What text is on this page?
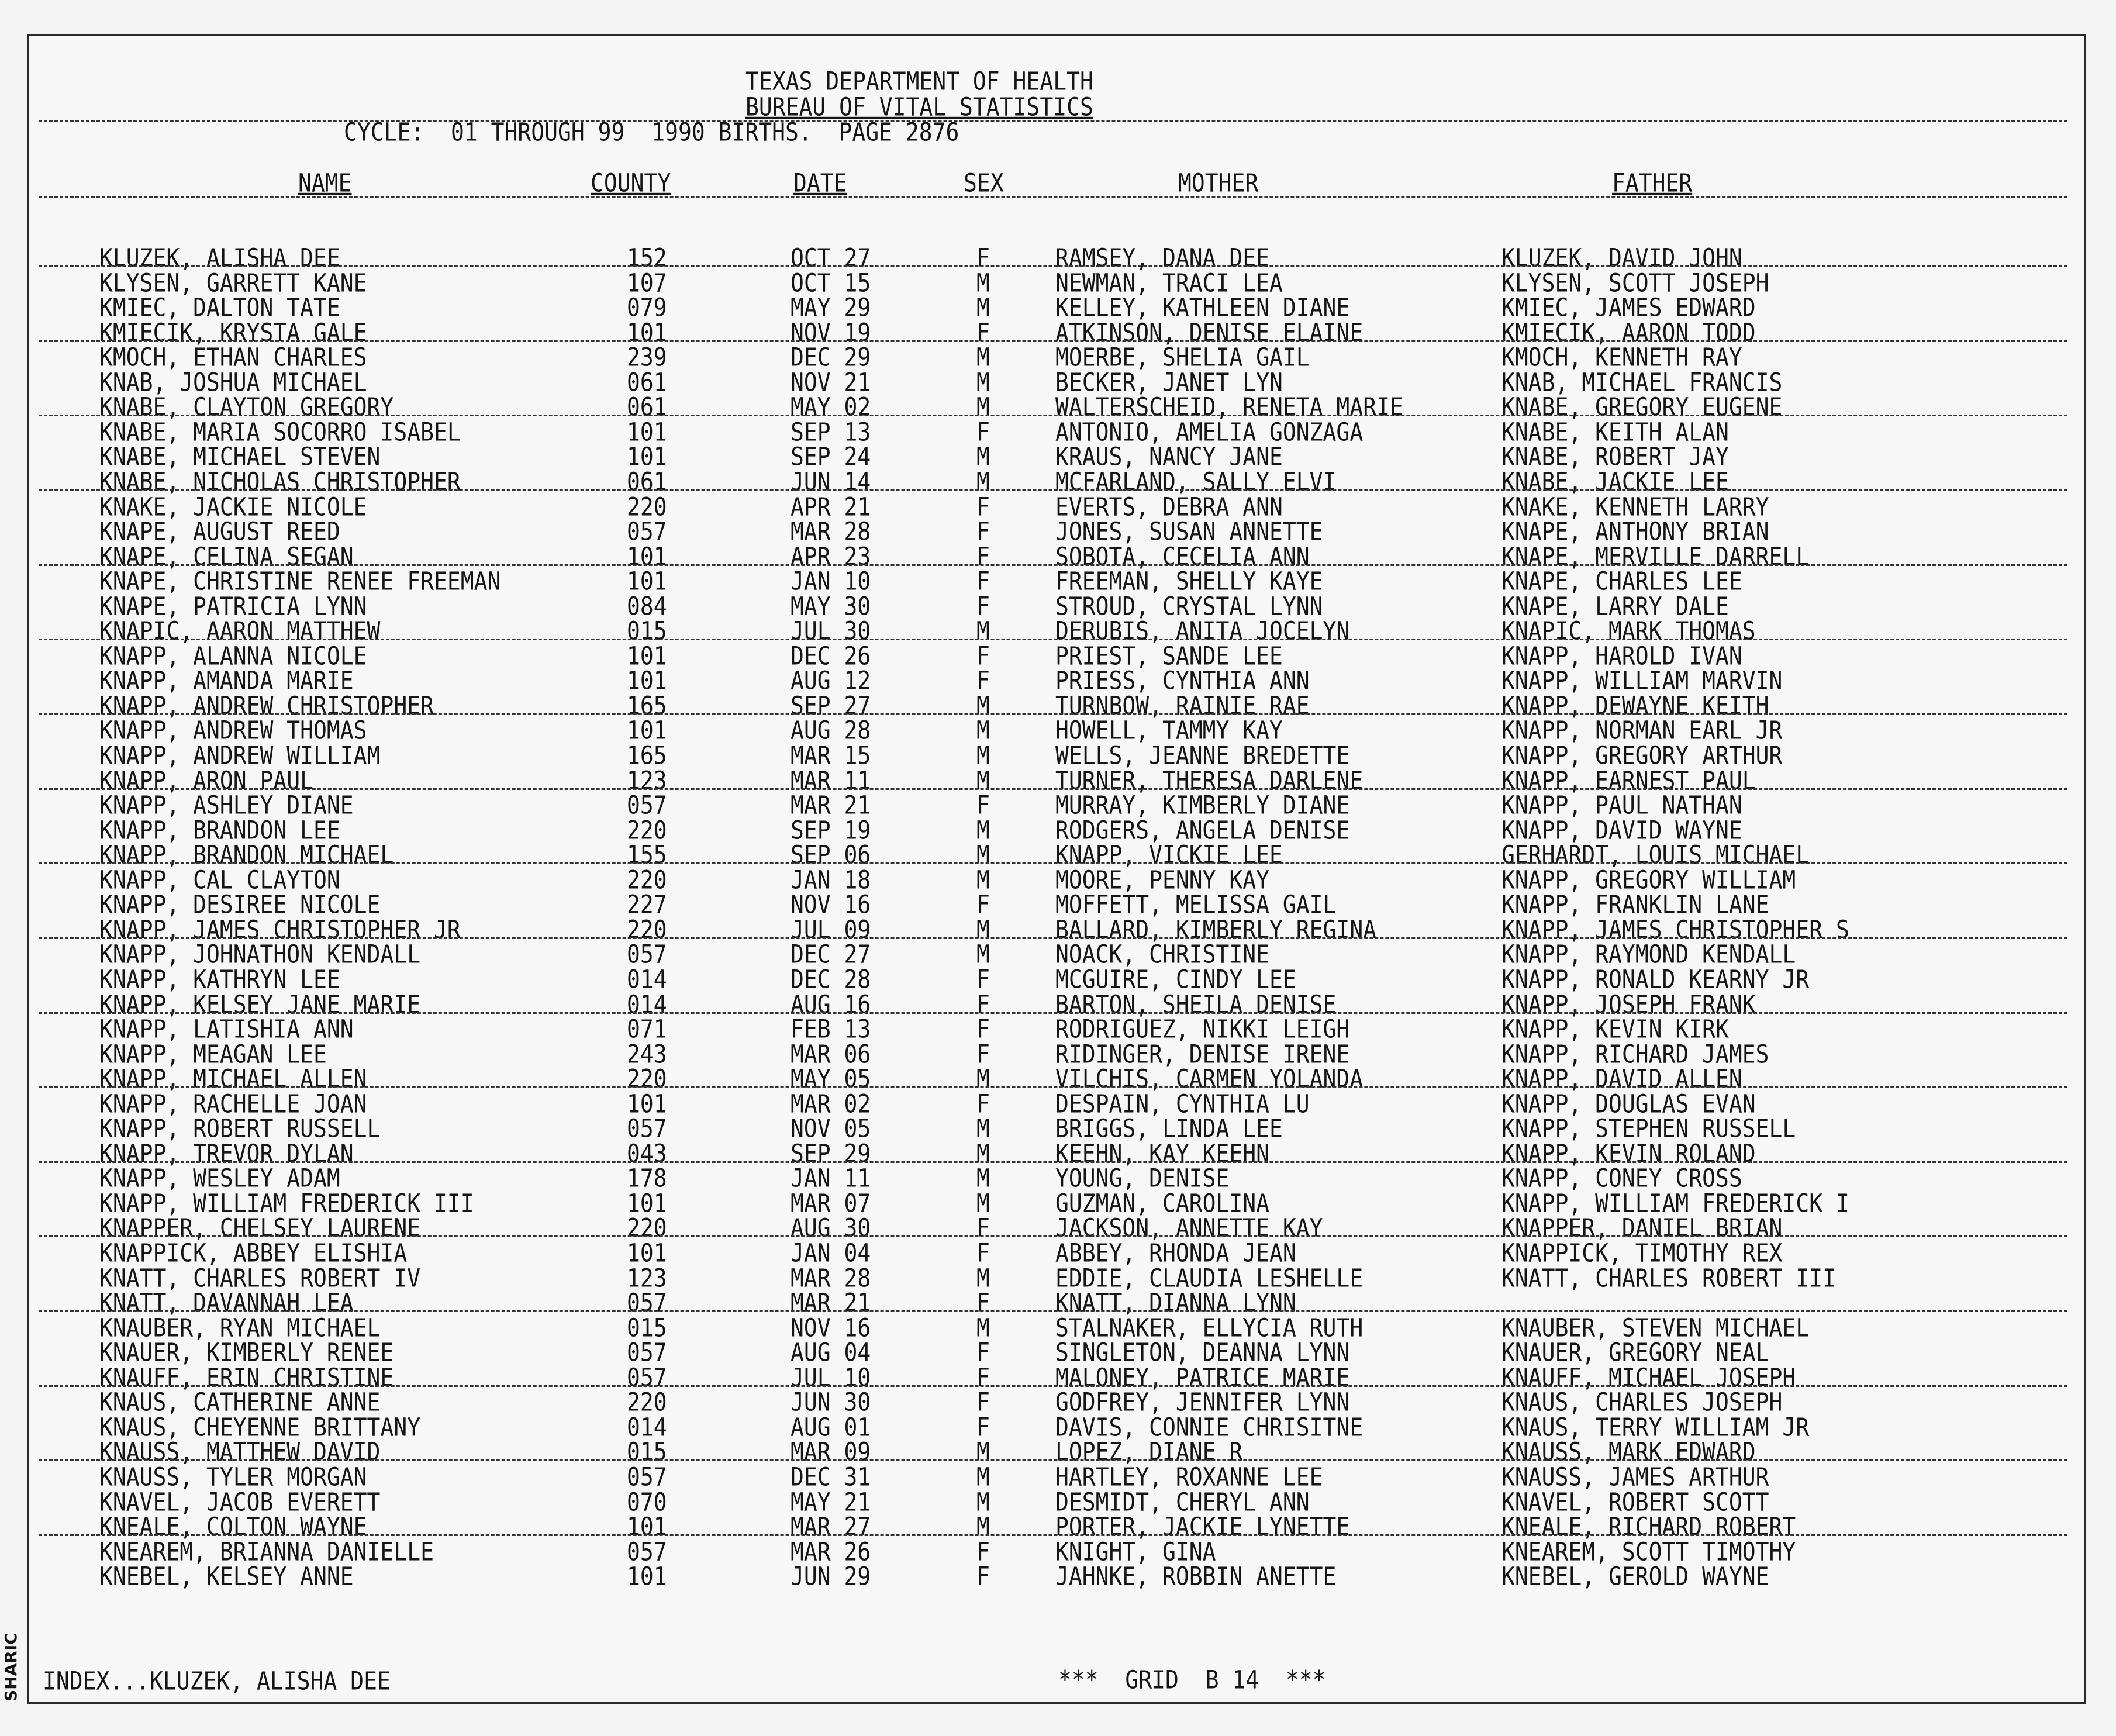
SHARIC
TEXAS DEPARTMENT OF HEALTH
BUREAU OF VITAL STATISTICS
CYCLE:  01 THROUGH 99  1990 BIRTHS.  PAGE 2876
NAME	COUNTY	DATE	SEX	MOTHER	FATHER
KLUZEK, ALISHA DEE	152	OCT 27	F	RAMSEY, DANA DEE	KLUZEK, DAVID JOHN
KLYSEN, GARRETT KANE	107	OCT 15	M	NEWMAN, TRACI LEA	KLYSEN, SCOTT JOSEPH
KMIEC, DALTON TATE	079	MAY 29	M	KELLEY, KATHLEEN DIANE	KMIEC, JAMES EDWARD
KMIECIK, KRYSTA GALE	101	NOV 19	F	ATKINSON, DENISE ELAINE	KMIECIK, AARON TODD
KMOCH, ETHAN CHARLES	239	DEC 29	M	MOERBE, SHELIA GAIL	KMOCH, KENNETH RAY
KNAB, JOSHUA MICHAEL	061	NOV 21	M	BECKER, JANET LYN	KNAB, MICHAEL FRANCIS
KNABE, CLAYTON GREGORY	061	MAY 02	M	WALTERSCHEID, RENETA MARIE	KNABE, GREGORY EUGENE
KNABE, MARIA SOCORRO ISABEL	101	SEP 13	F	ANTONIO, AMELIA GONZAGA	KNABE, KEITH ALAN
KNABE, MICHAEL STEVEN	101	SEP 24	M	KRAUS, NANCY JANE	KNABE, ROBERT JAY
KNABE, NICHOLAS CHRISTOPHER	061	JUN 14	M	MCFARLAND, SALLY ELVI	KNABE, JACKIE LEE
KNAKE, JACKIE NICOLE	220	APR 21	F	EVERTS, DEBRA ANN	KNAKE, KENNETH LARRY
KNAPE, AUGUST REED	057	MAR 28	F	JONES, SUSAN ANNETTE	KNAPE, ANTHONY BRIAN
KNAPE, CELINA SEGAN	101	APR 23	F	SOBOTA, CECELIA ANN	KNAPE, MERVILLE DARRELL
KNAPE, CHRISTINE RENEE FREEMAN	101	JAN 10	F	FREEMAN, SHELLY KAYE	KNAPE, CHARLES LEE
KNAPE, PATRICIA LYNN	084	MAY 30	F	STROUD, CRYSTAL LYNN	KNAPE, LARRY DALE
KNAPIC, AARON MATTHEW	015	JUL 30	M	DERUBIS, ANITA JOCELYN	KNAPIC, MARK THOMAS
KNAPP, ALANNA NICOLE	101	DEC 26	F	PRIEST, SANDE LEE	KNAPP, HAROLD IVAN
KNAPP, AMANDA MARIE	101	AUG 12	F	PRIESS, CYNTHIA ANN	KNAPP, WILLIAM MARVIN
KNAPP, ANDREW CHRISTOPHER	165	SEP 27	M	TURNBOW, RAINIE RAE	KNAPP, DEWAYNE KEITH
KNAPP, ANDREW THOMAS	101	AUG 28	M	HOWELL, TAMMY KAY	KNAPP, NORMAN EARL JR
KNAPP, ANDREW WILLIAM	165	MAR 15	M	WELLS, JEANNE BREDETTE	KNAPP, GREGORY ARTHUR
KNAPP, ARON PAUL	123	MAR 11	M	TURNER, THERESA DARLENE	KNAPP, EARNEST PAUL
KNAPP, ASHLEY DIANE	057	MAR 21	F	MURRAY, KIMBERLY DIANE	KNAPP, PAUL NATHAN
KNAPP, BRANDON LEE	220	SEP 19	M	RODGERS, ANGELA DENISE	KNAPP, DAVID WAYNE
KNAPP, BRANDON MICHAEL	155	SEP 06	M	KNAPP, VICKIE LEE	GERHARDT, LOUIS MICHAEL
KNAPP, CAL CLAYTON	220	JAN 18	M	MOORE, PENNY KAY	KNAPP, GREGORY WILLIAM
KNAPP, DESIREE NICOLE	227	NOV 16	F	MOFFETT, MELISSA GAIL	KNAPP, FRANKLIN LANE
KNAPP, JAMES CHRISTOPHER JR	220	JUL 09	M	BALLARD, KIMBERLY REGINA	KNAPP, JAMES CHRISTOPHER S
KNAPP, JOHNATHON KENDALL	057	DEC 27	M	NOACK, CHRISTINE	KNAPP, RAYMOND KENDALL
KNAPP, KATHRYN LEE	014	DEC 28	F	MCGUIRE, CINDY LEE	KNAPP, RONALD KEARNY JR
KNAPP, KELSEY JANE MARIE	014	AUG 16	F	BARTON, SHEILA DENISE	KNAPP, JOSEPH FRANK
KNAPP, LATISHIA ANN	071	FEB 13	F	RODRIGUEZ, NIKKI LEIGH	KNAPP, KEVIN KIRK
KNAPP, MEAGAN LEE	243	MAR 06	F	RIDINGER, DENISE IRENE	KNAPP, RICHARD JAMES
KNAPP, MICHAEL ALLEN	220	MAY 05	M	VILCHIS, CARMEN YOLANDA	KNAPP, DAVID ALLEN
KNAPP, RACHELLE JOAN	101	MAR 02	F	DESPAIN, CYNTHIA LU	KNAPP, DOUGLAS EVAN
KNAPP, ROBERT RUSSELL	057	NOV 05	M	BRIGGS, LINDA LEE	KNAPP, STEPHEN RUSSELL
KNAPP, TREVOR DYLAN	043	SEP 29	M	KEEHN, KAY KEEHN	KNAPP, KEVIN ROLAND
KNAPP, WESLEY ADAM	178	JAN 11	M	YOUNG, DENISE	KNAPP, CONEY CROSS
KNAPP, WILLIAM FREDERICK III	101	MAR 07	M	GUZMAN, CAROLINA	KNAPP, WILLIAM FREDERICK I
KNAPPER, CHELSEY LAURENE	220	AUG 30	F	JACKSON, ANNETTE KAY	KNAPPER, DANIEL BRIAN
KNAPPICK, ABBEY ELISHIA	101	JAN 04	F	ABBEY, RHONDA JEAN	KNAPPICK, TIMOTHY REX
KNATT, CHARLES ROBERT IV	123	MAR 28	M	EDDIE, CLAUDIA LESHELLE	KNATT, CHARLES ROBERT III
KNATT, DAVANNAH LEA	057	MAR 21	F	KNATT, DIANNA LYNN
KNAUBER, RYAN MICHAEL	015	NOV 16	M	STALNAKER, ELLYCIA RUTH	KNAUBER, STEVEN MICHAEL
KNAUER, KIMBERLY RENEE	057	AUG 04	F	SINGLETON, DEANNA LYNN	KNAUER, GREGORY NEAL
KNAUFF, ERIN CHRISTINE	057	JUL 10	F	MALONEY, PATRICE MARIE	KNAUFF, MICHAEL JOSEPH
KNAUS, CATHERINE ANNE	220	JUN 30	F	GODFREY, JENNIFER LYNN	KNAUS, CHARLES JOSEPH
KNAUS, CHEYENNE BRITTANY	014	AUG 01	F	DAVIS, CONNIE CHRISITNE	KNAUS, TERRY WILLIAM JR
KNAUSS, MATTHEW DAVID	015	MAR 09	M	LOPEZ, DIANE R	KNAUSS, MARK EDWARD
KNAUSS, TYLER MORGAN	057	DEC 31	M	HARTLEY, ROXANNE LEE	KNAUSS, JAMES ARTHUR
KNAVEL, JACOB EVERETT	070	MAY 21	M	DESMIDT, CHERYL ANN	KNAVEL, ROBERT SCOTT
KNEALE, COLTON WAYNE	101	MAR 27	M	PORTER, JACKIE LYNETTE	KNEALE, RICHARD ROBERT
KNEAREM, BRIANNA DANIELLE	057	MAR 26	F	KNIGHT, GINA	KNEAREM, SCOTT TIMOTHY
KNEBEL, KELSEY ANNE	101	JUN 29	F	JAHNKE, ROBBIN ANETTE	KNEBEL, GEROLD WAYNE
INDEX...KLUZEK, ALISHA DEE	***  GRID  B 14  ***
